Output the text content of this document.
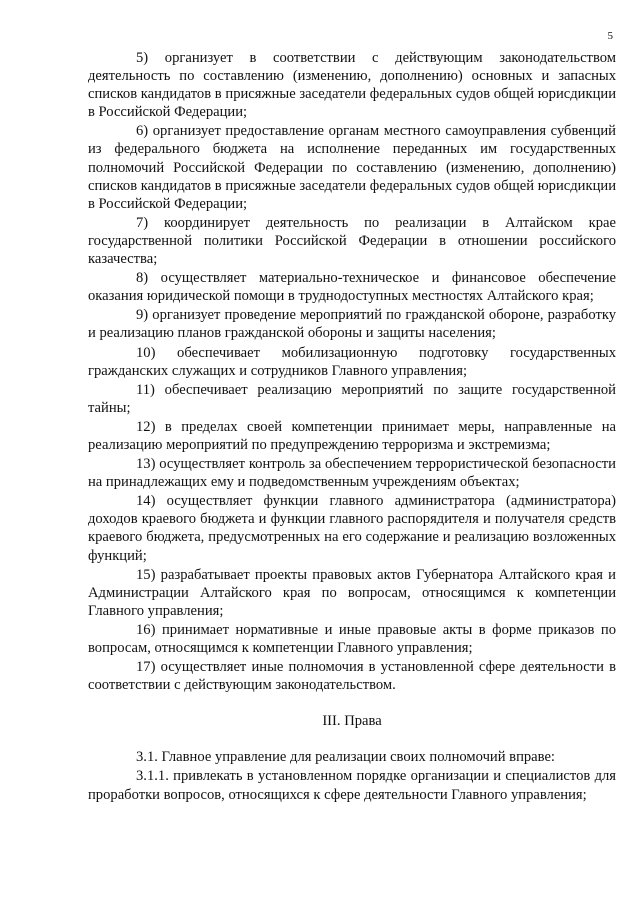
5

5) организует в соответствии с действующим законодательством деятельность по составлению (изменению, дополнению) основных и запасных списков кандидатов в присяжные заседатели федеральных судов общей юрисдикции в Российской Федерации;

6) организует предоставление органам местного самоуправления субвенций из федерального бюджета на исполнение переданных им государственных полномочий Российской Федерации по составлению (изменению, дополнению) списков кандидатов в присяжные заседатели федеральных судов общей юрисдикции в Российской Федерации;

7) координирует деятельность по реализации в Алтайском крае государственной политики Российской Федерации в отношении российского казачества;

8) осуществляет материально-техническое и финансовое обеспечение оказания юридической помощи в труднодоступных местностях Алтайского края;

9) организует проведение мероприятий по гражданской обороне, разработку и реализацию планов гражданской обороны и защиты населения;

10) обеспечивает мобилизационную подготовку государственных гражданских служащих и сотрудников Главного управления;

11) обеспечивает реализацию мероприятий по защите государственной тайны;

12) в пределах своей компетенции принимает меры, направленные на реализацию мероприятий по предупреждению терроризма и экстремизма;

13) осуществляет контроль за обеспечением террористической безопасности на принадлежащих ему и подведомственным учреждениям объектах;

14) осуществляет функции главного администратора (администратора) доходов краевого бюджета и функции главного распорядителя и получателя средств краевого бюджета, предусмотренных на его содержание и реализацию возложенных функций;

15) разрабатывает проекты правовых актов Губернатора Алтайского края и Администрации Алтайского края по вопросам, относящимся к компетенции Главного управления;

16) принимает нормативные и иные правовые акты в форме приказов по вопросам, относящимся к компетенции Главного управления;

17) осуществляет иные полномочия в установленной сфере деятельности в соответствии с действующим законодательством.

III. Права

3.1. Главное управление для реализации своих полномочий вправе:

3.1.1. привлекать в установленном порядке организации и специалистов для проработки вопросов, относящихся к сфере деятельности Главного управления;
